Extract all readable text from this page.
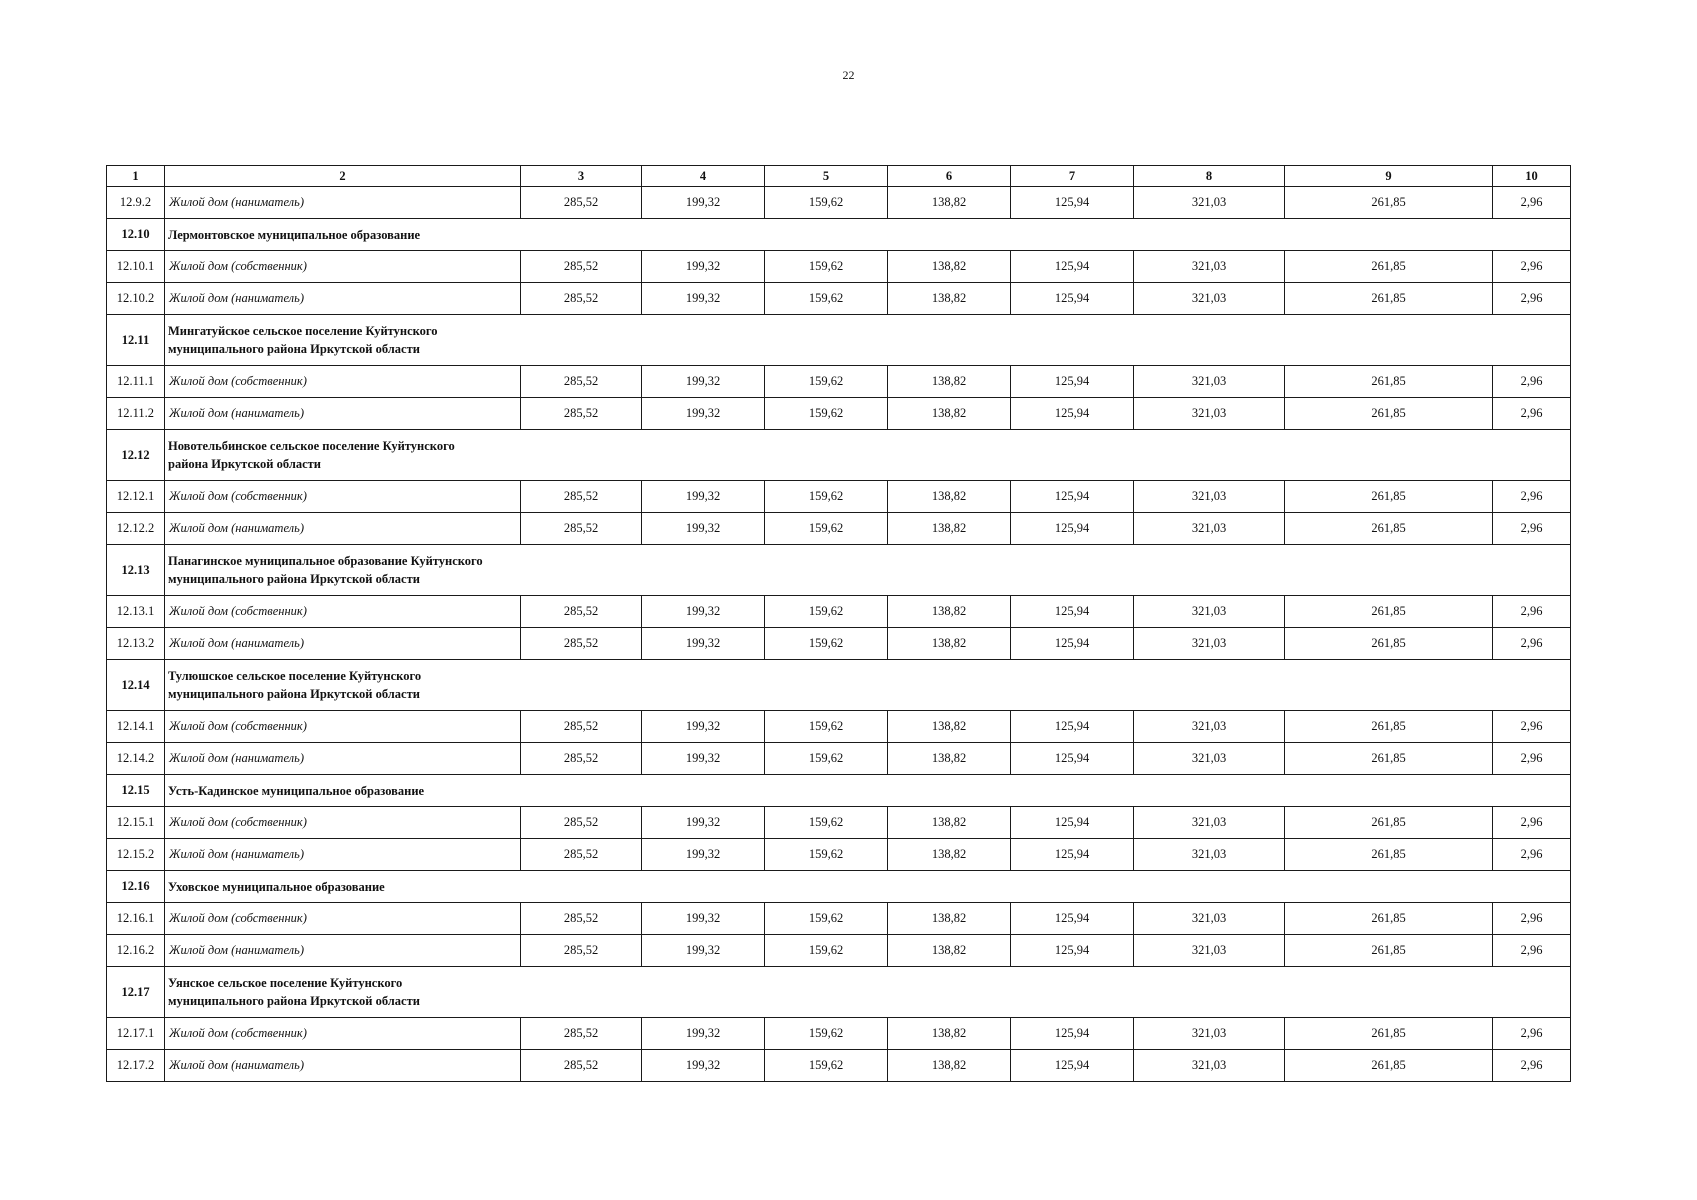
22
1	2	3	4	5	6	7	8	9	10
12.9.2	Жилой дом (наниматель)	285,52	199,32	159,62	138,82	125,94	321,03	261,85	2,96
12.10	Лермонтовское муниципальное образование								

12.10.1	Жилой дом (собственник)	285,52	199,32	159,62	138,82	125,94	321,03	261,85	2,96
12.10.2	Жилой дом (наниматель)	285,52	199,32	159,62	138,82	125,94	321,03	261,85	2,96
12.11	Мингатуйское сельское поселение Куйтунского
муниципального района Иркутской области								

12.11.1	Жилой дом (собственник)	285,52	199,32	159,62	138,82	125,94	321,03	261,85	2,96
12.11.2	Жилой дом (наниматель)	285,52	199,32	159,62	138,82	125,94	321,03	261,85	2,96
12.12	Новотельбинское сельское поселение Куйтунского
района Иркутской области								

12.12.1	Жилой дом (собственник)	285,52	199,32	159,62	138,82	125,94	321,03	261,85	2,96
12.12.2	Жилой дом (наниматель)	285,52	199,32	159,62	138,82	125,94	321,03	261,85	2,96
12.13	Панагинское муниципальное образование Куйтунского
муниципального района Иркутской области								

12.13.1	Жилой дом (собственник)	285,52	199,32	159,62	138,82	125,94	321,03	261,85	2,96
12.13.2	Жилой дом (наниматель)	285,52	199,32	159,62	138,82	125,94	321,03	261,85	2,96
12.14	Тулюшское сельское поселение Куйтунского
муниципального района Иркутской области								

12.14.1	Жилой дом (собственник)	285,52	199,32	159,62	138,82	125,94	321,03	261,85	2,96
12.14.2	Жилой дом (наниматель)	285,52	199,32	159,62	138,82	125,94	321,03	261,85	2,96
12.15	Усть-Кадинское муниципальное образование								

12.15.1	Жилой дом (собственник)	285,52	199,32	159,62	138,82	125,94	321,03	261,85	2,96
12.15.2	Жилой дом (наниматель)	285,52	199,32	159,62	138,82	125,94	321,03	261,85	2,96
12.16	Уховское муниципальное образование								

12.16.1	Жилой дом (собственник)	285,52	199,32	159,62	138,82	125,94	321,03	261,85	2,96
12.16.2	Жилой дом (наниматель)	285,52	199,32	159,62	138,82	125,94	321,03	261,85	2,96
12.17	Уянское сельское поселение Куйтунского
муниципального района Иркутской области								

12.17.1	Жилой дом (собственник)	285,52	199,32	159,62	138,82	125,94	321,03	261,85	2,96
12.17.2	Жилой дом (наниматель)	285,52	199,32	159,62	138,82	125,94	321,03	261,85	2,96
